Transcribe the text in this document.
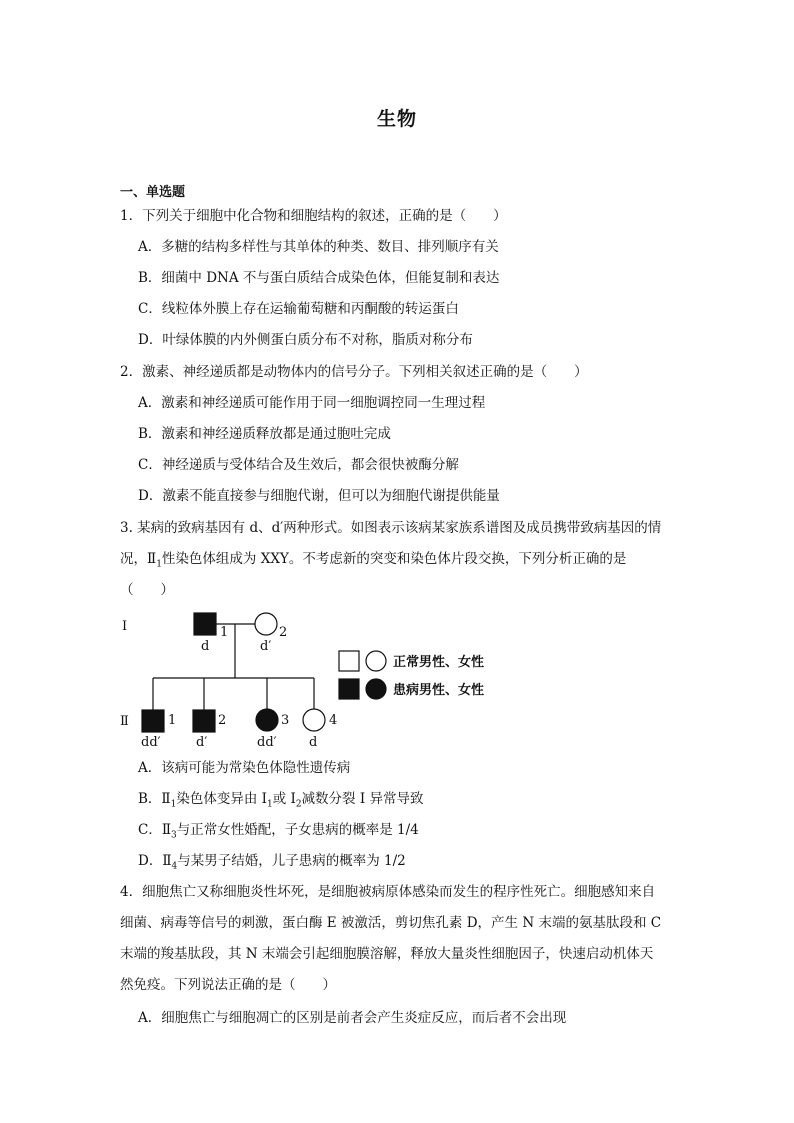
生物
一、单选题
1．下列关于细胞中化合物和细胞结构的叙述，正确的是（　　）
A．多糖的结构多样性与其单体的种类、数目、排列顺序有关
B．细菌中 DNA 不与蛋白质结合成染色体，但能复制和表达
C．线粒体外膜上存在运输葡萄糖和丙酮酸的转运蛋白
D．叶绿体膜的内外侧蛋白质分布不对称，脂质对称分布
2．激素、神经递质都是动物体内的信号分子。下列相关叙述正确的是（　　）
A．激素和神经递质可能作用于同一细胞调控同一生理过程
B．激素和神经递质释放都是通过胞吐完成
C．神经递质与受体结合及生效后，都会很快被酶分解
D．激素不能直接参与细胞代谢，但可以为细胞代谢提供能量
3. 某病的致病基因有 d、d′两种形式。如图表示该病某家族系谱图及成员携带致病基因的情
况，$Ⅱ_1$性染色体组成为 XXY。不考虑新的突变和染色体片段交换，下列分析正确的是
（　　）
Ⅰ
Ⅱ
1
d
2
d′
1
dd′
2
d′
3
dd′
4
d
正常男性、女性
患病男性、女性
A．该病可能为常染色体隐性遗传病
B．$Ⅱ_1$染色体变异由 $Ⅰ_1$或 $Ⅰ_2$减数分裂 Ⅰ 异常导致
C．$Ⅱ_3$与正常女性婚配，子女患病的概率是 1/4
D．$Ⅱ_4$与某男子结婚，儿子患病的概率为 1/2
4．细胞焦亡又称细胞炎性坏死，是细胞被病原体感染而发生的程序性死亡。细胞感知来自
细菌、病毒等信号的刺激，蛋白酶 E 被激活，剪切焦孔素 D，产生 N 末端的氨基肽段和 C
末端的羧基肽段，其 N 末端会引起细胞膜溶解，释放大量炎性细胞因子，快速启动机体天
然免疫。下列说法正确的是（　　）
A．细胞焦亡与细胞凋亡的区别是前者会产生炎症反应，而后者不会出现
